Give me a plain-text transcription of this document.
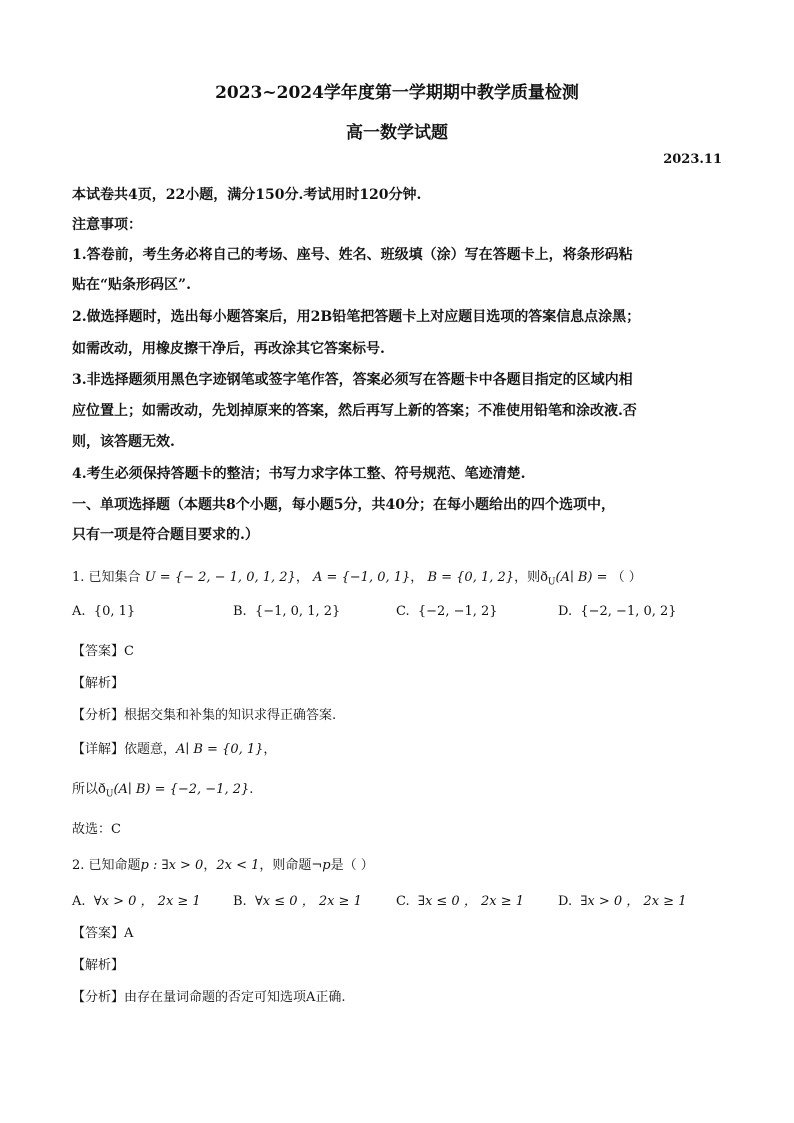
2023~2024学年度第一学期期中教学质量检测
高一数学试题
2023.11
本试卷共4页，22小题，满分150分.考试用时120分钟.
注意事项：
1.答卷前，考生务必将自己的考场、座号、姓名、班级填（涂）写在答题卡上，将条形码粘
贴在“贴条形码区”.
2.做选择题时，选出每小题答案后，用2B铅笔把答题卡上对应题目选项的答案信息点涂黑；
如需改动，用橡皮擦干净后，再改涂其它答案标号.
3.非选择题须用黑色字迹钢笔或签字笔作答，答案必须写在答题卡中各题目指定的区域内相
应位置上；如需改动，先划掉原来的答案，然后再写上新的答案；不准使用铅笔和涂改液.否
则，该答题无效.
4.考生必须保持答题卡的整洁；书写力求字体工整、符号规范、笔迹清楚.
一、单项选择题（本题共8个小题，每小题5分，共40分；在每小题给出的四个选项中，
只有一项是符合题目要求的.）
1. 已知集合 U = {− 2, − 1, 0, 1, 2}， A = {−1, 0, 1}， B = {0, 1, 2}，则$ð_U(A∣$ B) = （ ）
A. {0, 1}	B. {−1, 0, 1, 2}	C. {−2, −1, 2}	D. {−2, −1, 0, 2}
【答案】C
【解析】
【分析】根据交集和补集的知识求得正确答案.
【详解】依题意，A∣ B = {0, 1}，
所以$ð_U(A∣$ B) = {−2, −1, 2}.
故选：C
2. 已知命题p : ∃x > 0，2x < 1，则命题¬p是（ ）
A. ∀x > 0 ， 2x ≥ 1 B. ∀x ≤ 0 ， 2x ≥ 1	C. ∃x ≤ 0 ， 2x ≥ 1	D. ∃x > 0 ， 2x ≥ 1
【答案】A
【解析】
【分析】由存在量词命题的否定可知选项A正确.
